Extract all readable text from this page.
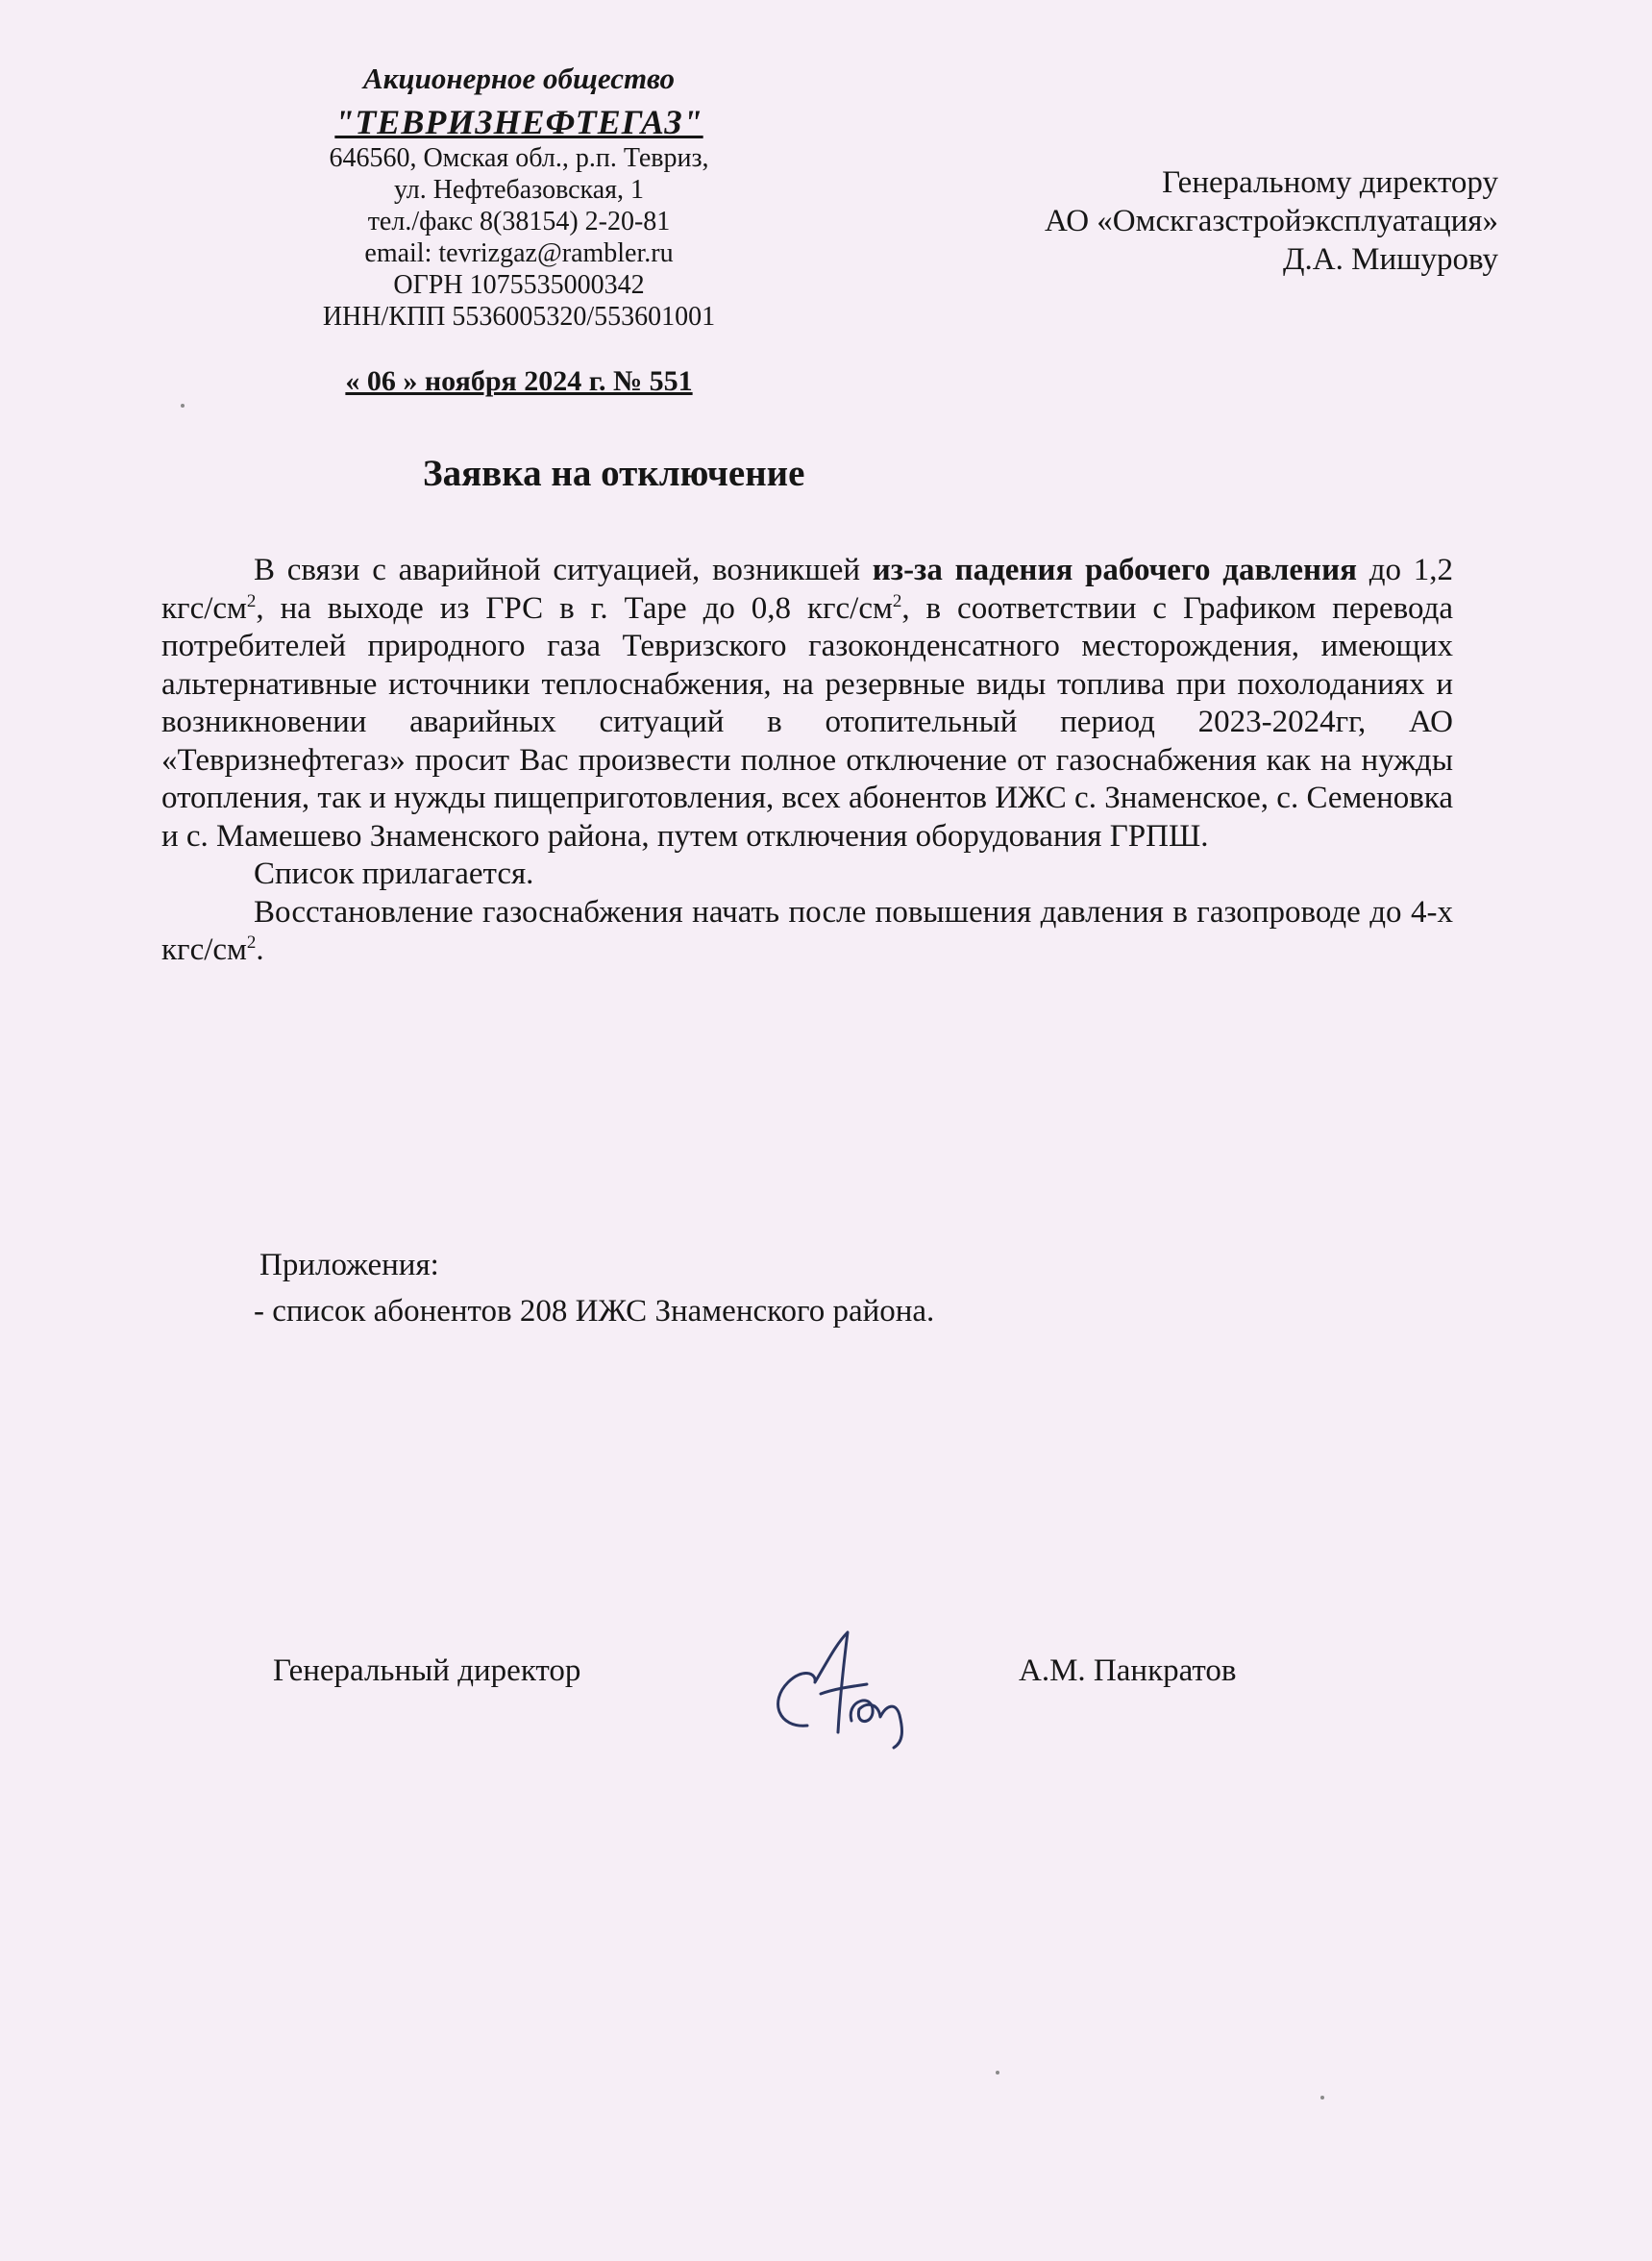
Акционерное общество
"ТЕВРИЗНЕФТЕГАЗ"
646560, Омская обл., р.п. Тевриз,
ул. Нефтебазовская, 1
тел./факс 8(38154) 2-20-81
email: tevrizgaz@rambler.ru
ОГРН 1075535000342
ИНН/КПП 5536005320/553601001
« 06 » ноября 2024 г. № 551
Генеральному директору
АО «Омскгазстройэксплуатация»
Д.А. Мишурову
Заявка на отключение

В связи с аварийной ситуацией, возникшей из-за падения рабочего давления до 1,2 кгс/$см^2$, на выходе из ГРС в г. Таре до 0,8 кгс/$см^2$, в соответствии с Графиком перевода потребителей природного газа Тевризского газоконденсатного месторождения, имеющих альтернативные источники теплоснабжения, на резервные виды топлива при похолоданиях и возникновении аварийных ситуаций в отопительный период 2023-2024гг, АО «Тевризнефтегаз» просит Вас произвести полное отключение от газоснабжения как на нужды отопления, так и нужды пищеприготовления, всех абонентов ИЖС с. Знаменское, с. Семеновка и с. Мамешево Знаменского района, путем отключения оборудования ГРПШ.

Список прилагается.

Восстановление газоснабжения начать после повышения давления в газопроводе до 4-х кгс/$см^2$.

Приложения:
- список абонентов 208 ИЖС Знаменского района.
Генеральный директор	А.М. Панкратов
